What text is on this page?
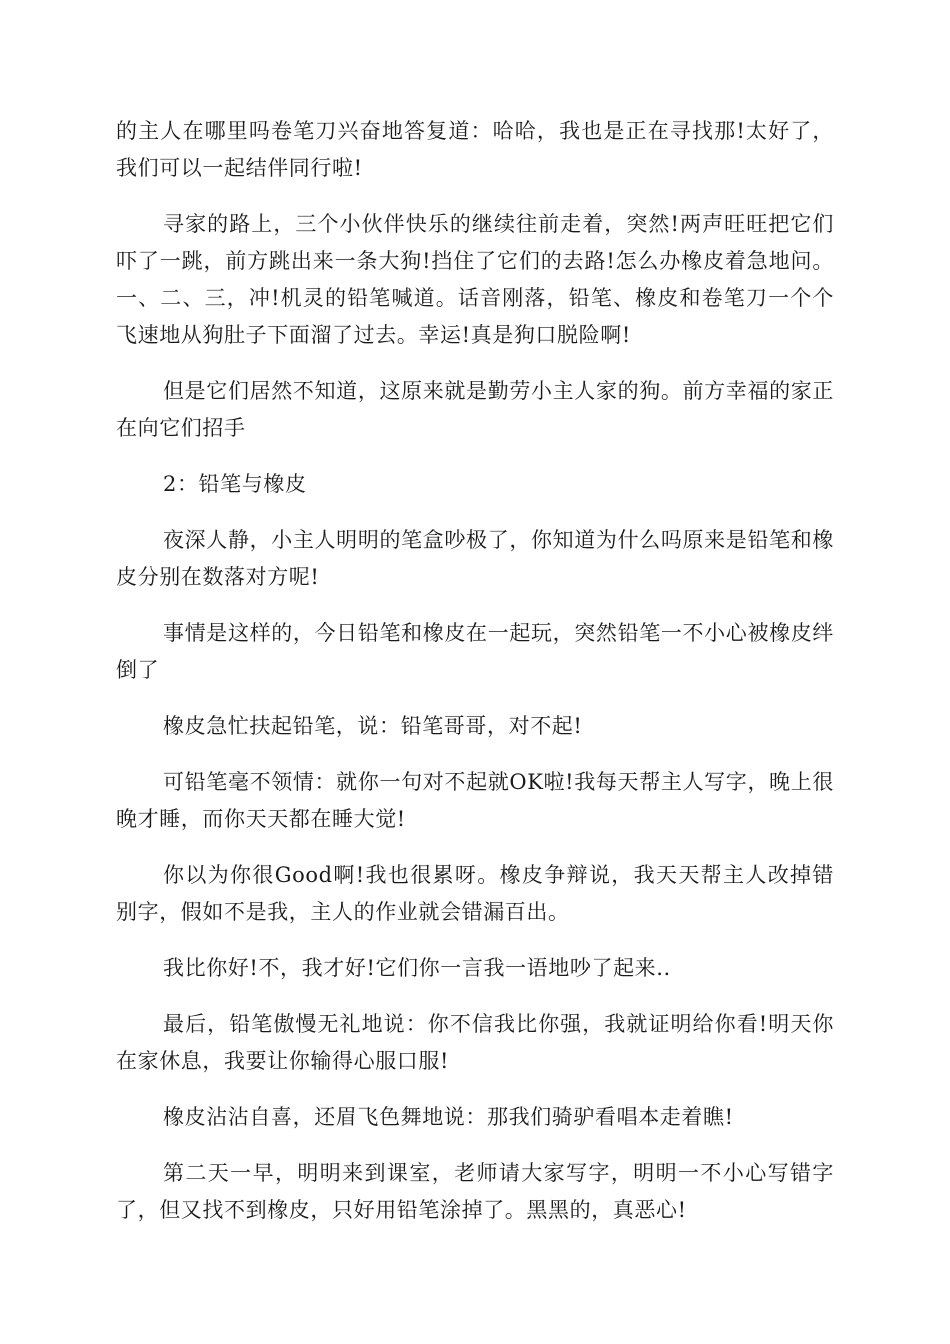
的主人在哪里吗卷笔刀兴奋地答复道：哈哈，我也是正在寻找那!太好了，我们可以一起结伴同行啦!

寻家的路上，三个小伙伴快乐的继续往前走着，突然!两声旺旺把它们吓了一跳，前方跳出来一条大狗!挡住了它们的去路!怎么办橡皮着急地问。一、二、三，冲!机灵的铅笔喊道。话音刚落，铅笔、橡皮和卷笔刀一个个飞速地从狗肚子下面溜了过去。幸运!真是狗口脱险啊!

但是它们居然不知道，这原来就是勤劳小主人家的狗。前方幸福的家正在向它们招手

2：铅笔与橡皮

夜深人静，小主人明明的笔盒吵极了，你知道为什么吗原来是铅笔和橡皮分别在数落对方呢!

事情是这样的，今日铅笔和橡皮在一起玩，突然铅笔一不小心被橡皮绊倒了

橡皮急忙扶起铅笔，说：铅笔哥哥，对不起!

可铅笔毫不领情：就你一句对不起就OK啦!我每天帮主人写字，晚上很晚才睡，而你天天都在睡大觉!

你以为你很Good啊!我也很累呀。橡皮争辩说，我天天帮主人改掉错别字，假如不是我，主人的作业就会错漏百出。

我比你好!不，我才好!它们你一言我一语地吵了起来..

最后，铅笔傲慢无礼地说：你不信我比你强，我就证明给你看!明天你在家休息，我要让你输得心服口服!

橡皮沾沾自喜，还眉飞色舞地说：那我们骑驴看唱本走着瞧!

第二天一早，明明来到课室，老师请大家写字，明明一不小心写错字了，但又找不到橡皮，只好用铅笔涂掉了。黑黑的，真恶心!
